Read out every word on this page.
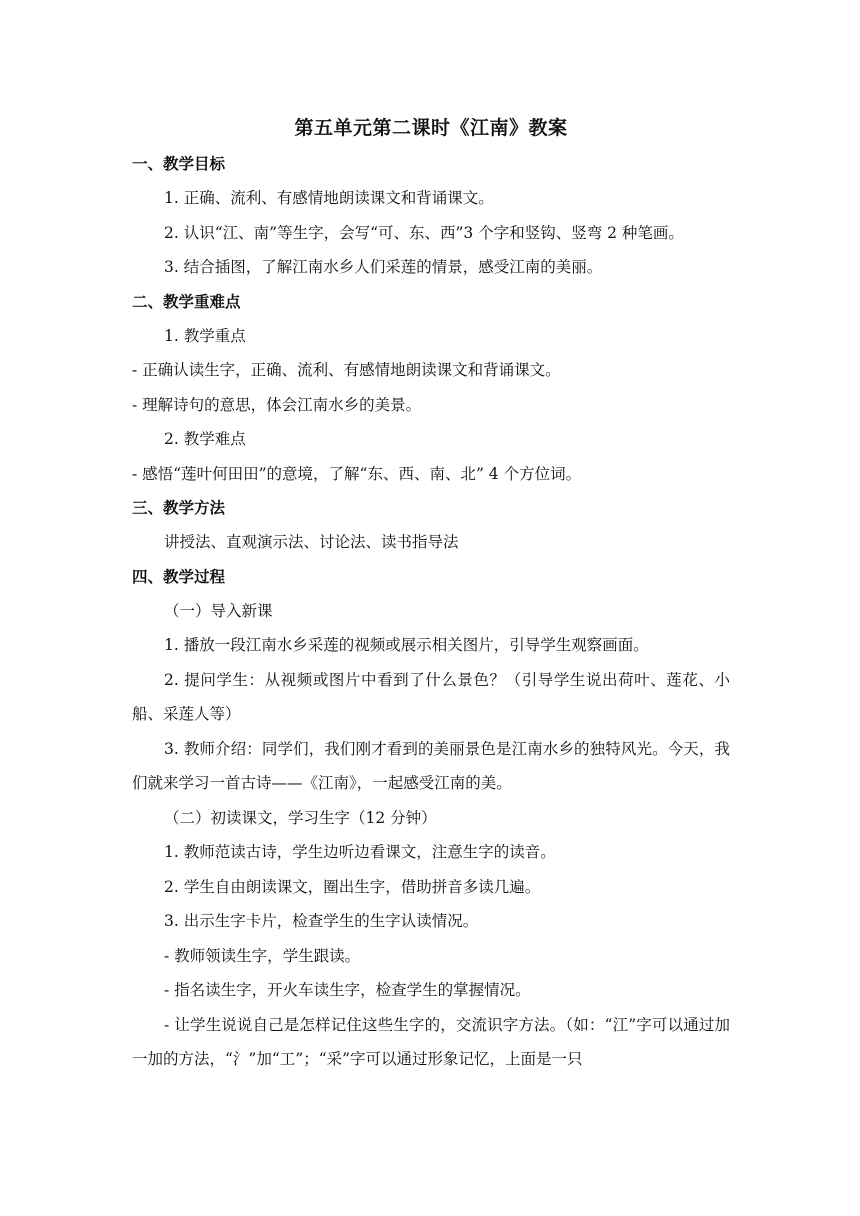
第五单元第二课时《江南》教案

一、教学目标

1. 正确、流利、有感情地朗读课文和背诵课文。

2. 认识“江、南”等生字，会写“可、东、西”3 个字和竖钩、竖弯 2 种笔画。

3. 结合插图，了解江南水乡人们采莲的情景，感受江南的美丽。

二、教学重难点

1. 教学重点

- 正确认读生字，正确、流利、有感情地朗读课文和背诵课文。

- 理解诗句的意思，体会江南水乡的美景。

2. 教学难点

- 感悟“莲叶何田田”的意境，了解“东、西、南、北” 4 个方位词。

三、教学方法

讲授法、直观演示法、讨论法、读书指导法

四、教学过程

（一）导入新课

1. 播放一段江南水乡采莲的视频或展示相关图片，引导学生观察画面。

2. 提问学生：从视频或图片中看到了什么景色？（引导学生说出荷叶、莲花、小船、采莲人等）

3. 教师介绍：同学们，我们刚才看到的美丽景色是江南水乡的独特风光。今天，我们就来学习一首古诗——《江南》，一起感受江南的美。

（二）初读课文，学习生字（12 分钟）

1. 教师范读古诗，学生边听边看课文，注意生字的读音。

2. 学生自由朗读课文，圈出生字，借助拼音多读几遍。

3. 出示生字卡片，检查学生的生字认读情况。

- 教师领读生字，学生跟读。

- 指名读生字，开火车读生字，检查学生的掌握情况。

- 让学生说说自己是怎样记住这些生字的，交流识字方法。（如：“江”字可以通过加一加的方法，“氵”加“工”；“采”字可以通过形象记忆，上面是一只
